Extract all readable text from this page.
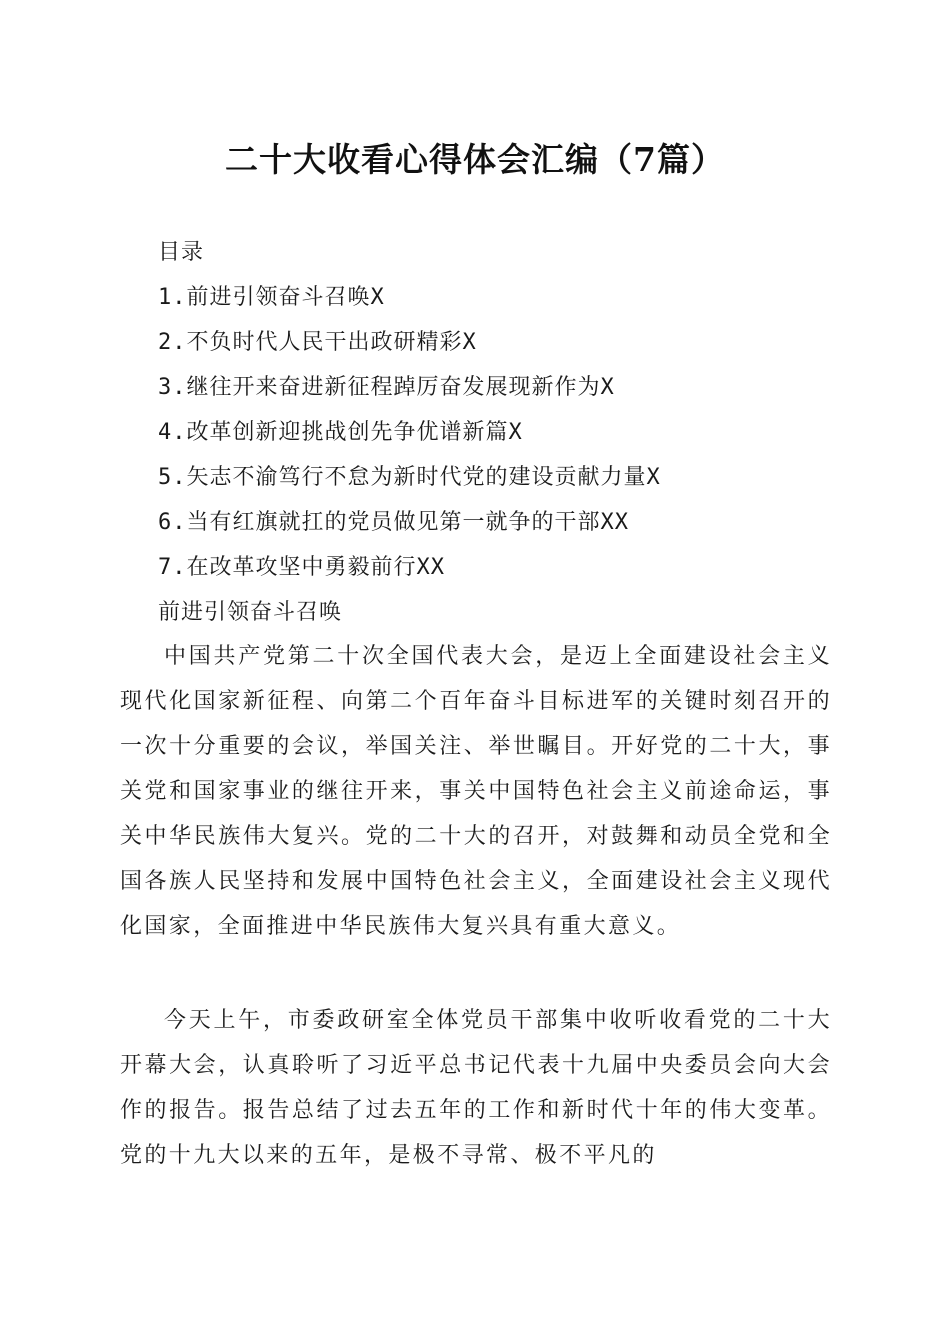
二十大收看心得体会汇编（7篇）
目录
1.前进引领奋斗召唤X
2.不负时代人民干出政研精彩X
3.继往开来奋进新征程踔厉奋发展现新作为X
4.改革创新迎挑战创先争优谱新篇X
5.矢志不渝笃行不怠为新时代党的建设贡献力量X
6.当有红旗就扛的党员做见第一就争的干部XX
7.在改革攻坚中勇毅前行XX
前进引领奋斗召唤

中国共产党第二十次全国代表大会，是迈上全面建设社会主义现代化国家新征程、向第二个百年奋斗目标进军的关键时刻召开的一次十分重要的会议，举国关注、举世瞩目。开好党的二十大，事关党和国家事业的继往开来，事关中国特色社会主义前途命运，事关中华民族伟大复兴。党的二十大的召开，对鼓舞和动员全党和全国各族人民坚持和发展中国特色社会主义，全面建设社会主义现代化国家，全面推进中华民族伟大复兴具有重大意义。

今天上午，市委政研室全体党员干部集中收听收看党的二十大开幕大会，认真聆听了习近平总书记代表十九届中央委员会向大会作的报告。报告总结了过去五年的工作和新时代十年的伟大变革。党的十九大以来的五年，是极不寻常、极不平凡的
